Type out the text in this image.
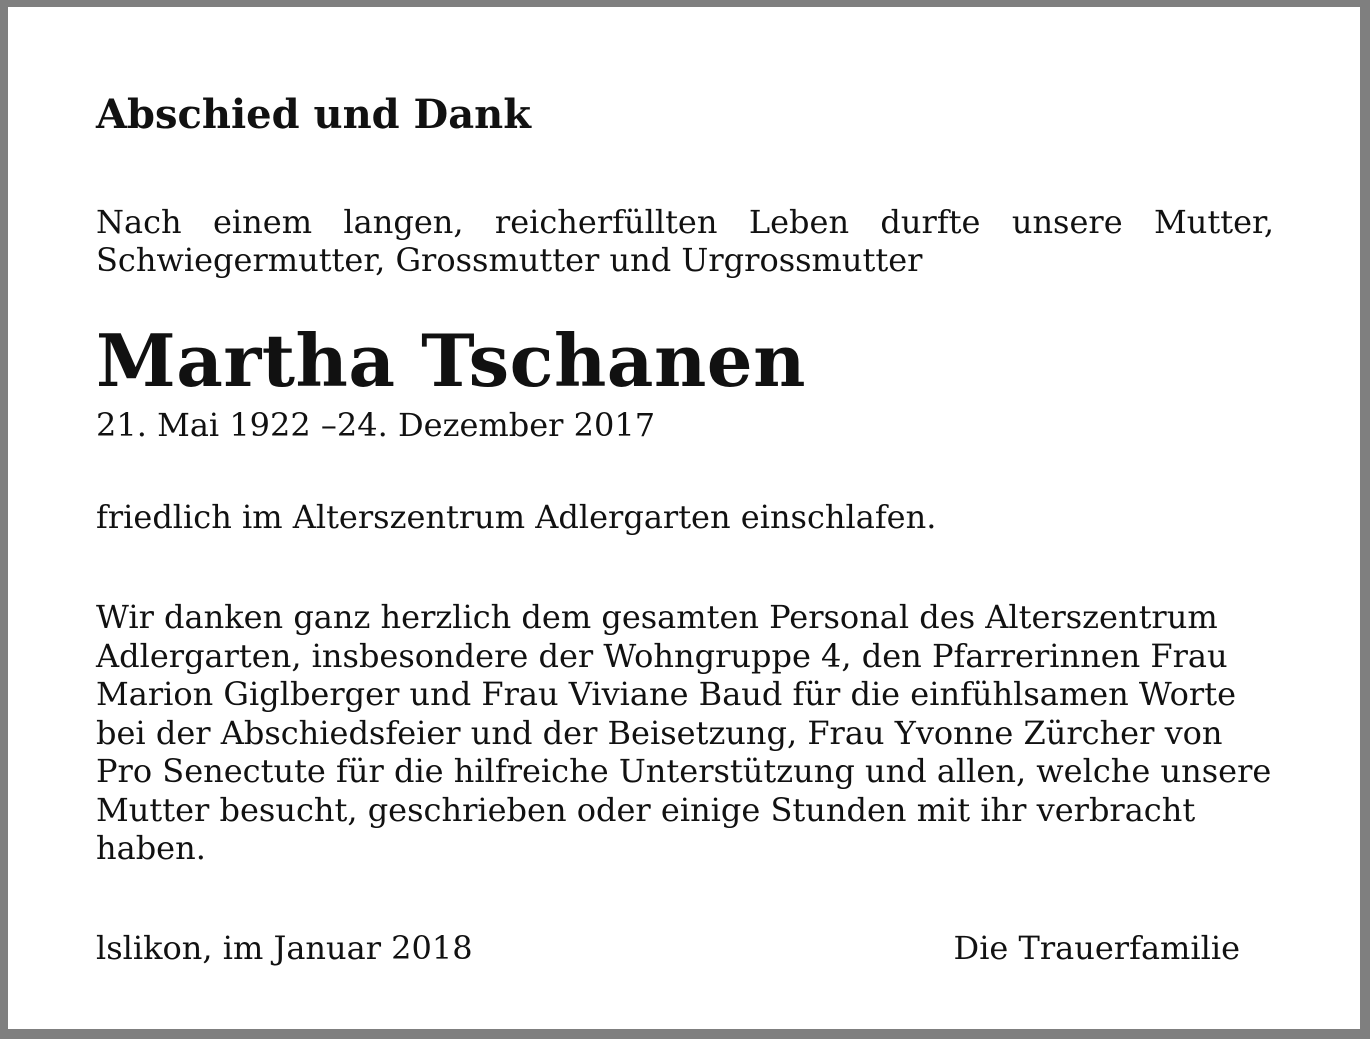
Abschied und Dank

Nach einem langen, reicherfüllten Leben durfte unsere Mutter, Schwiegermutter, Grossmutter und Urgrossmutter

Martha Tschanen

21. Mai 1922 –24. Dezember 2017

friedlich im Alterszentrum Adlergarten einschlafen.

Wir danken ganz herzlich dem gesamten Personal des Alterszentrum Adlergarten, insbesondere der Wohngruppe 4, den Pfarrerinnen Frau Marion Giglberger und Frau Viviane Baud für die einfühlsamen Worte bei der Abschiedsfeier und der Beisetzung, Frau Yvonne Zürcher von Pro Senectute für die hilfreiche Unterstützung und allen, welche unsere Mutter besucht, geschrieben oder einige Stunden mit ihr verbracht haben.

lslikon, im Januar 2018	Die Trauerfamilie
